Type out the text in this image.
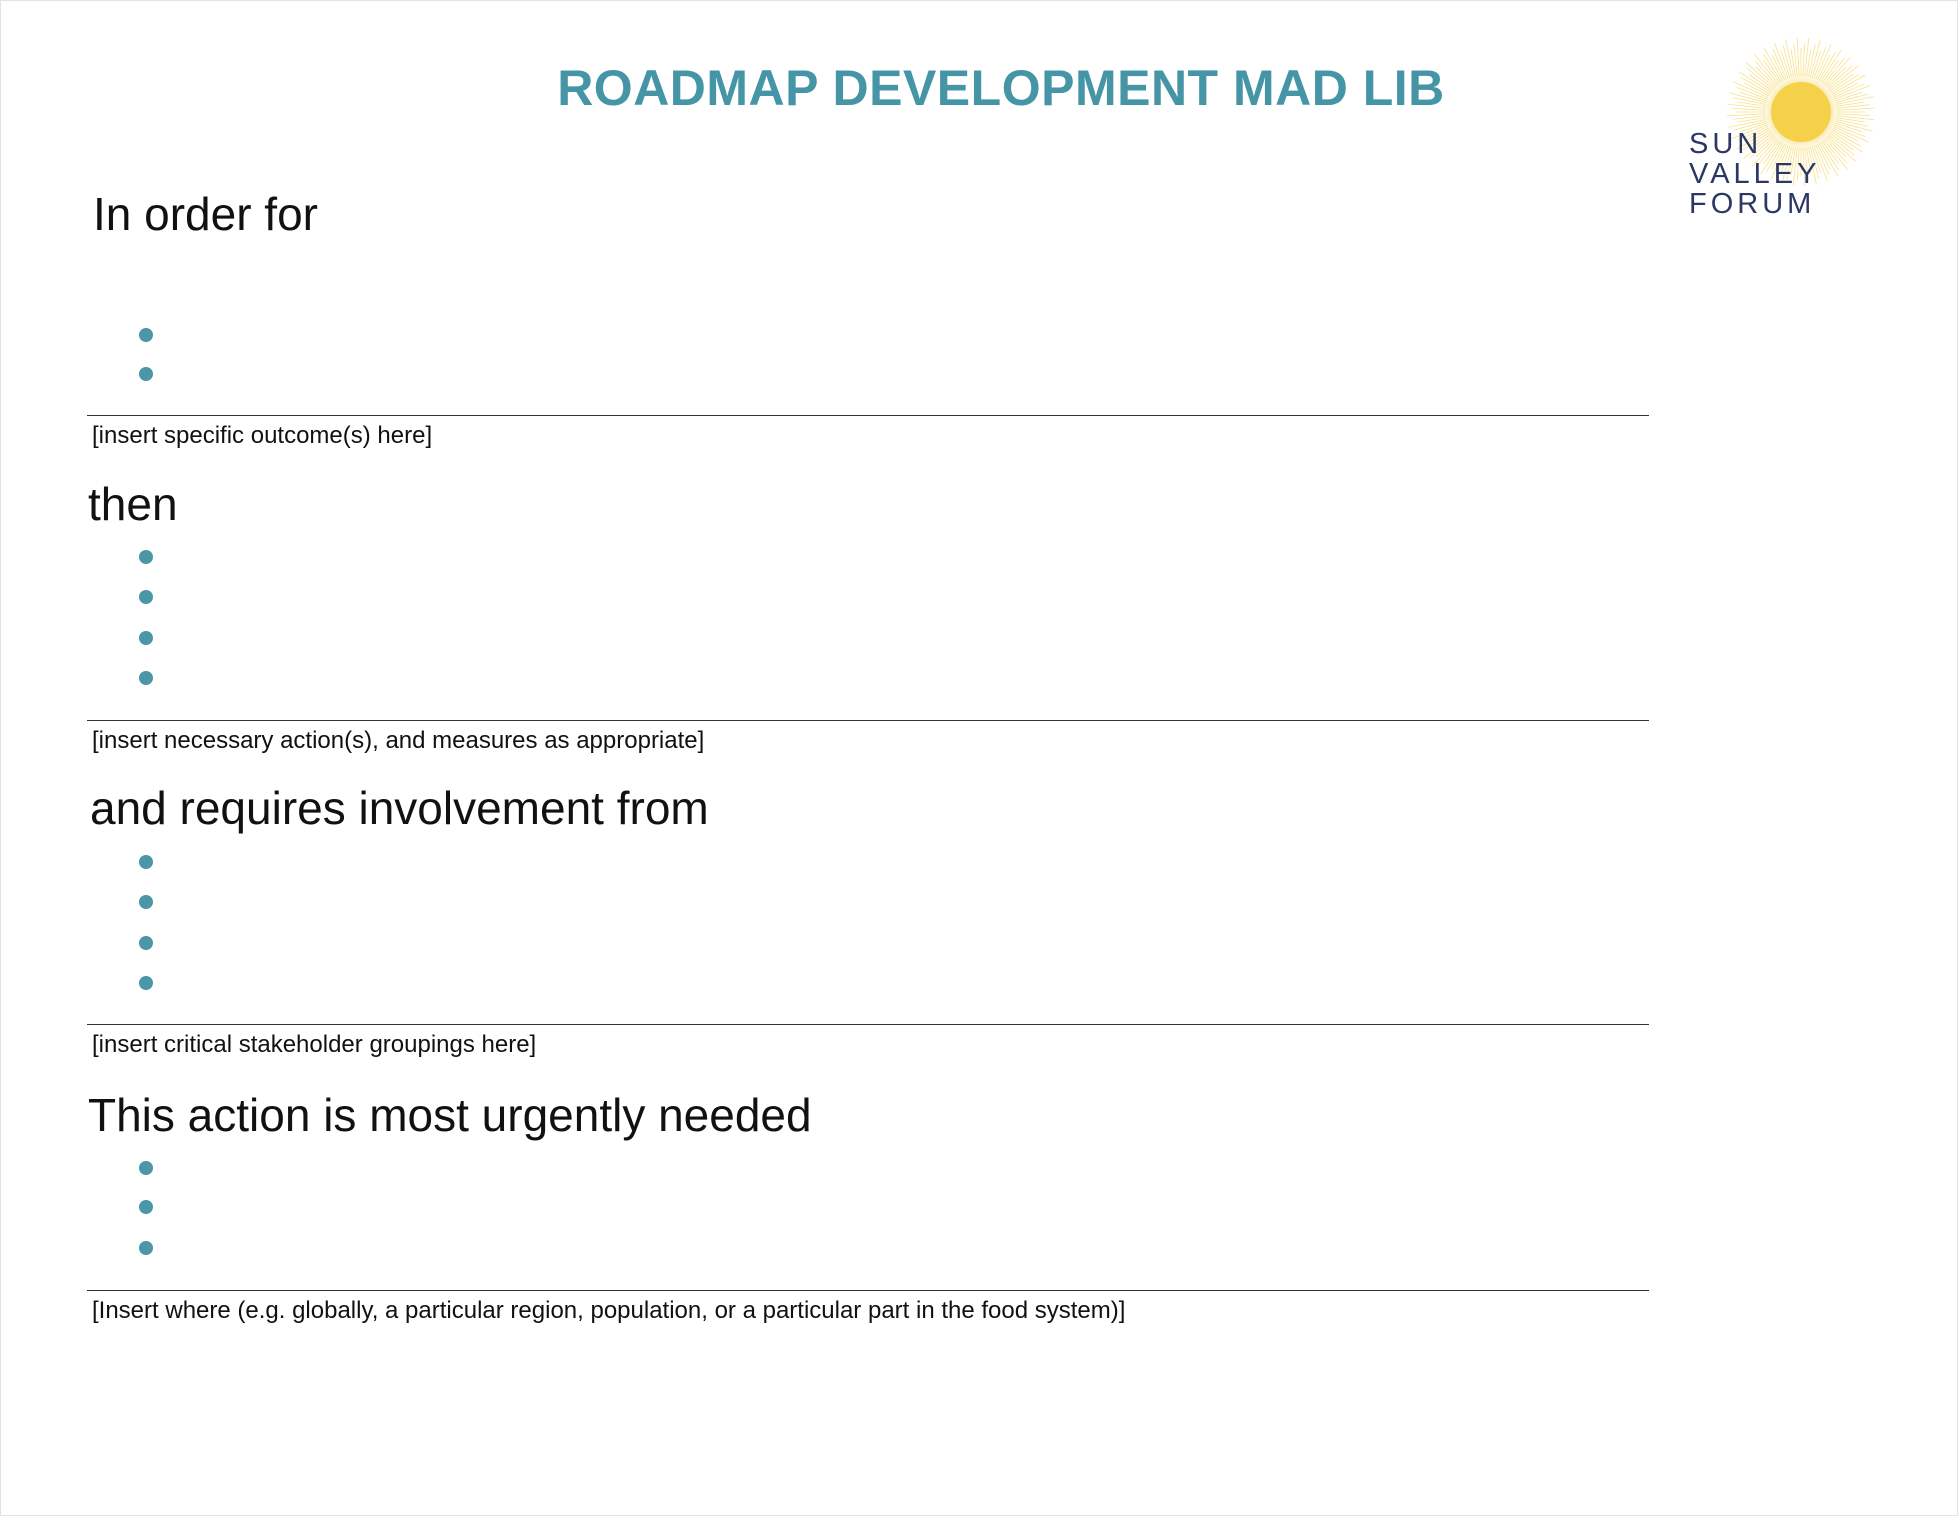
ROADMAP DEVELOPMENT MAD LIB
SUN
VALLEY
FORUM
In order for
[insert specific outcome(s) here]
then
[insert necessary action(s), and measures as appropriate]
and requires involvement from
[insert critical stakeholder groupings here]
This action is most urgently needed
[Insert where (e.g. globally, a particular region, population, or a particular part in the food system)]
